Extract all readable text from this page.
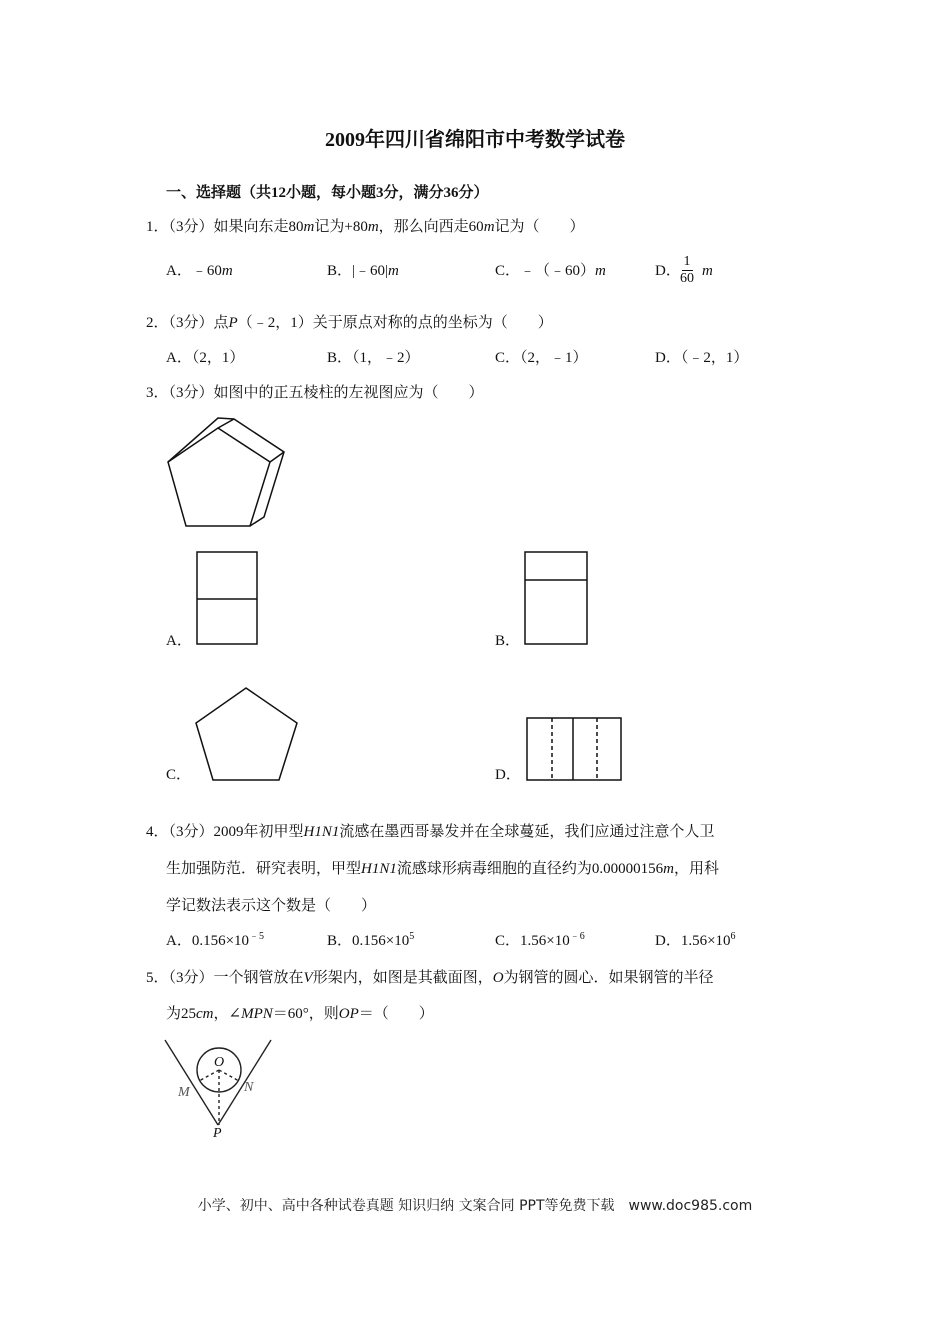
2009年四川省绵阳市中考数学试卷
一、选择题（共12小题，每小题3分，满分36分）
1．（3分）如果向东走80m记为+80m，那么向西走60m记为（　　）
A．﹣60m	B．|﹣60|m	C．﹣（﹣60）m	D． $\frac{1}{60}$ m
2．（3分）点P（﹣2，1）关于原点对称的点的坐标为（　　）
A．（2，1）	B．（1，﹣2）	C．（2，﹣1）	D．（﹣2，1）
3．（3分）如图中的正五棱柱的左视图应为（　　）
A．	B．
C．	D．
4．（3分）2009年初甲型H1N1流感在墨西哥暴发并在全球蔓延，我们应通过注意个人卫
生加强防范．研究表明，甲型H1N1流感球形病毒细胞的直径约为0.00000156m，用科
学记数法表示这个数是（　　）
A．$0.156\times 10^{﹣5}$	B．$0.156\times 10^5$	C．$1.56\times 10^{﹣6}$	D．$1.56\times 10^6$
5．（3分）一个钢管放在V形架内，如图是其截面图，O为钢管的圆心．如果钢管的半径
为25cm，∠MPN＝60°，则OP＝（　　）
O
M	N
P
小学、初中、高中各种试卷真题 知识归纳 文案合同 PPT等免费下载　www.doc985.com
